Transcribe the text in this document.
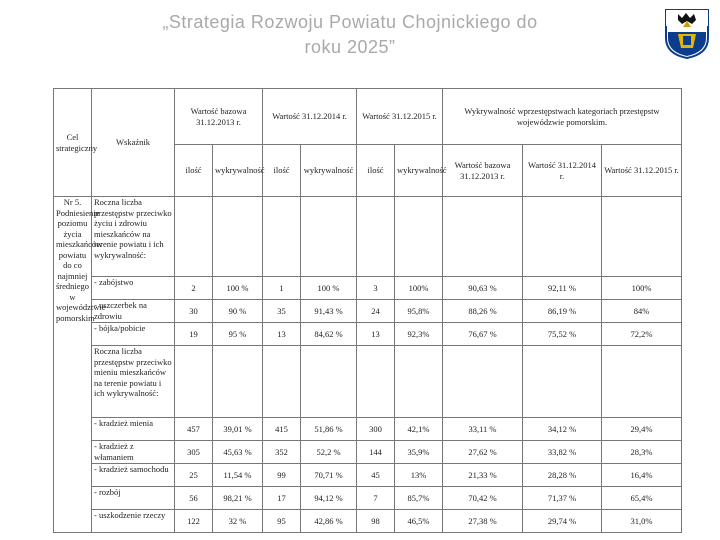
„Strategia Rozwoju Powiatu Chojnickiego do
roku 2025”
Cel strategiczny	Wskaźnik	Wartość bazowa 31.12.2013 r.		Wartość 31.12.2014 r.		Wartość 31.12.2015 r.		Wykrywalność wprzestępstwach kategoriach przestępstw wojewódzwie pomorskim.		
		ilość	wykrywalność	ilość	wykrywalność	ilość	wykrywalność	Wartość bazowa 31.12.2013 r.	Wartość 31.12.2014 r.	Wartość 31.12.2015 r.
Nr 5. Podniesienie poziomu życia mieszkańców powiatu do co najmniej średniego w województwie pomorskim	Roczna liczba przestępstw przeciwko życiu i zdrowiu mieszkańców na terenie powiatu i ich wykrywalność:									
	- zabójstwo	2	100 %	1	100 %	3	100%	90,63 %	92,11 %	100%
	- uszczerbek na zdrowiu	30	90 %	35	91,43 %	24	95,8%	88,26 %	86,19 %	84%
	- bójka/pobicie	19	95 %	13	84,62 %	13	92,3%	76,67 %	75,52 %	72,2%
	Roczna liczba przestępstw przeciwko mieniu mieszkańców na terenie powiatu i ich wykrywalność:									
	- kradzież mienia	457	39,01 %	415	51,86 %	300	42,1%	33,11 %	34,12 %	29,4%
	- kradzież z włamaniem	305	45,63 %	352	52,2 %	144	35,9%	27,62 %	33,82 %	28,3%
	- kradzież samochodu	25	11,54 %	99	70,71 %	45	13%	21,33 %	28,28 %	16,4%
	- rozbój	56	98,21 %	17	94,12 %	7	85,7%	70,42 %	71,37 %	65,4%
	- uszkodzenie rzeczy	122	32 %	95	42,86 %	98	46,5%	27,38 %	29,74 %	31,0%
